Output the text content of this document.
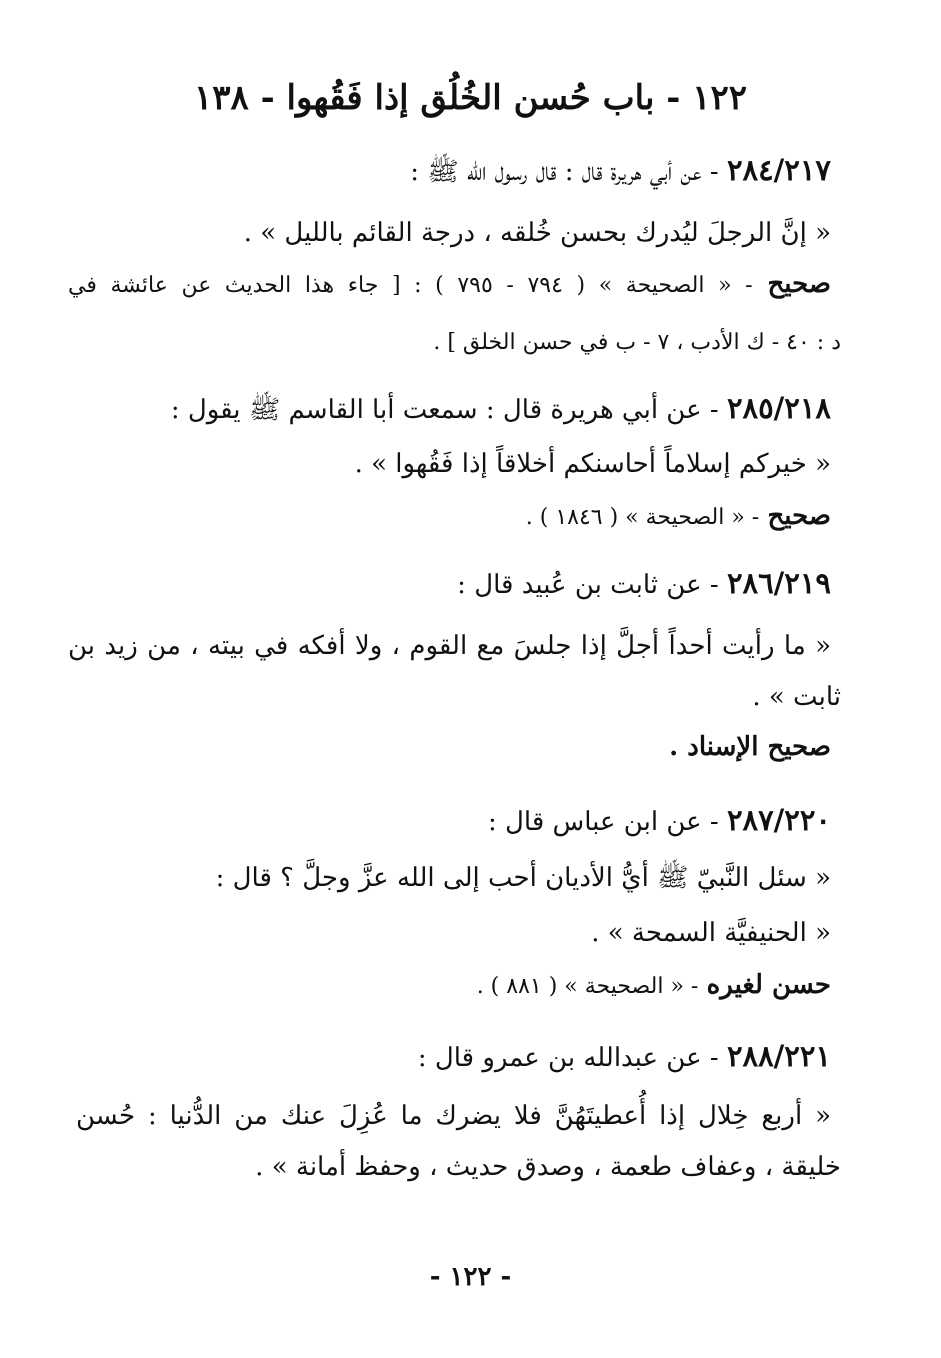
١٢٢ - باب حُسن الخُلُق إذا فَقُهوا - ١٣٨
٢٨٤/٢١٧ - عن أبي هريرة قال : قال رسول الله ﷺ :
« إنَّ الرجلَ ليُدرك بحسن خُلقه ، درجة القائم بالليل » .
صحيح - « الصحيحة » ( ٧٩٤ - ٧٩٥ ) : [ جاء هذا الحديث عن عائشة في
د : ٤٠ - ك الأدب ، ٧ - ب في حسن الخلق ] .
٢٨٥/٢١٨ - عن أبي هريرة قال : سمعت أبا القاسم ﷺ يقول :
« خيركم إسلاماً أحاسنكم أخلاقاً إذا فَقُهوا » .
صحيح - « الصحيحة » ( ١٨٤٦ ) .
٢٨٦/٢١٩ - عن ثابت بن عُبيد قال :
« ما رأيت أحداً أجلَّ إذا جلسَ مع القوم ، ولا أفكه في بيته ، من زيد بن
ثابت » .
صحيح الإسناد .
٢٨٧/٢٢٠ - عن ابن عباس قال :
« سئل النَّبيّ ﷺ أيُّ الأديان أحب إلى الله عزَّ وجلَّ ؟ قال :
« الحنيفيَّة السمحة » .
حسن لغيره - « الصحيحة » ( ٨٨١ ) .
٢٨٨/٢٢١ - عن عبدالله بن عمرو قال :
« أربع خِلال إذا أُعطيتَهُنَّ فلا يضرك ما عُزِلَ عنك من الدُّنيا : حُسن
خليقة ، وعفاف طعمة ، وصدق حديث ، وحفظ أمانة » .
- ١٢٢ -
